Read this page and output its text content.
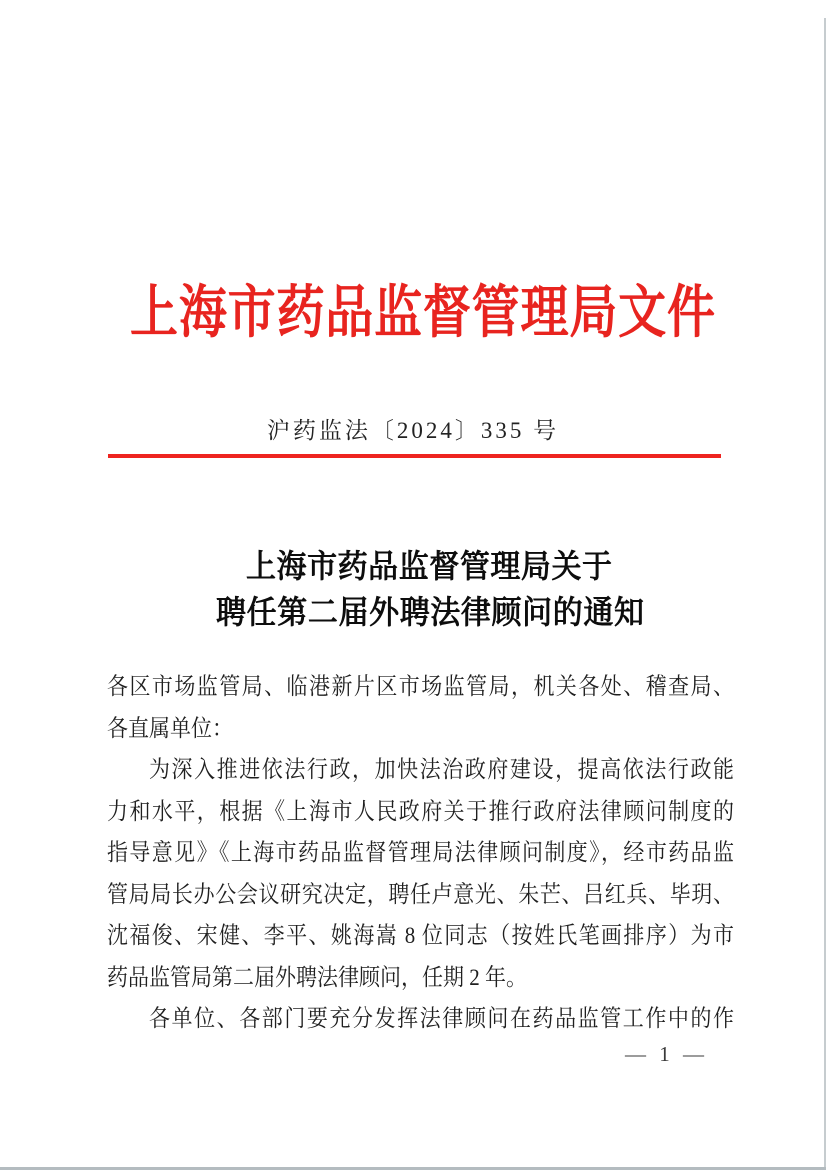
上海市药品监督管理局文件
沪药监法〔2024〕335 号
上海市药品监督管理局关于
聘任第二届外聘法律顾问的通知
各区市场监管局、临港新片区市场监管局，机关各处、稽查局、
各直属单位：
为深入推进依法行政，加快法治政府建设，提高依法行政能
力和水平，根据《上海市人民政府关于推行政府法律顾问制度的
指导意见》《上海市药品监督管理局法律顾问制度》，经市药品监
管局局长办公会议研究决定，聘任卢意光、朱芒、吕红兵、毕玥、
沈福俊、宋健、李平、姚海嵩 8 位同志（按姓氏笔画排序）为市
药品监管局第二届外聘法律顾问，任期 2 年。
各单位、各部门要充分发挥法律顾问在药品监管工作中的作
— 1 —
